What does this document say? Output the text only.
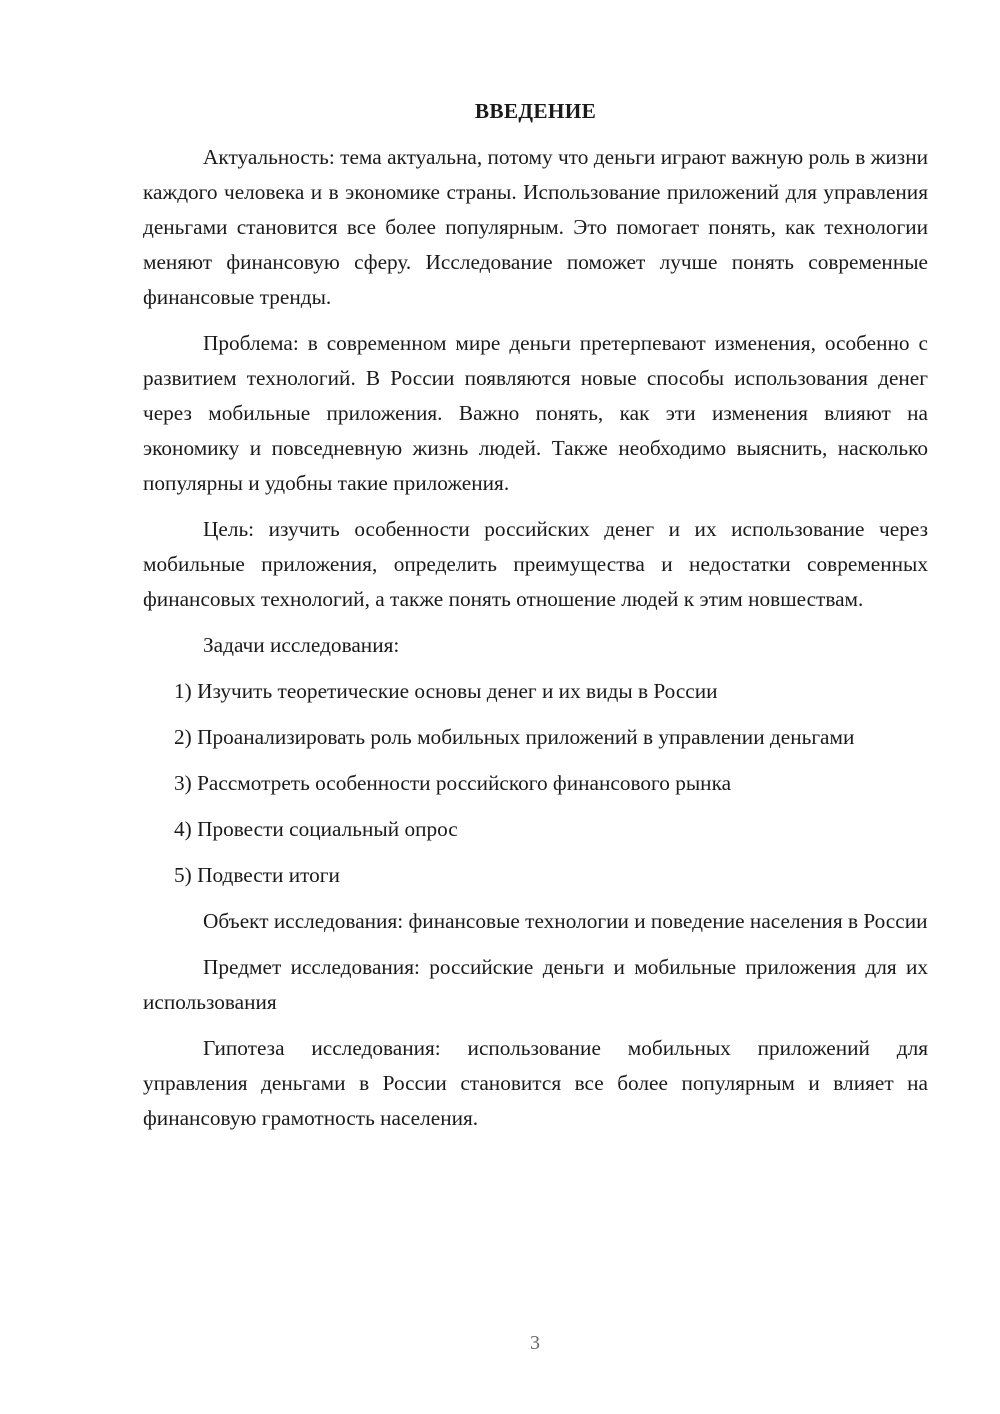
ВВЕДЕНИЕ

Актуальность: тема актуальна, потому что деньги играют важную роль в жизни каждого человека и в экономике страны. Использование приложений для управления деньгами становится все более популярным. Это помогает понять, как технологии меняют финансовую сферу. Исследование поможет лучше понять современные финансовые тренды.

Проблема: в современном мире деньги претерпевают изменения, особенно с развитием технологий. В России появляются новые способы использования денег через мобильные приложения. Важно понять, как эти изменения влияют на экономику и повседневную жизнь людей. Также необходимо выяснить, насколько популярны и удобны такие приложения.

Цель: изучить особенности российских денег и их использование через мобильные приложения, определить преимущества и недостатки современных финансовых технологий, а также понять отношение людей к этим новшествам.

Задачи исследования:

1) Изучить теоретические основы денег и их виды в России

2) Проанализировать роль мобильных приложений в управлении деньгами

3) Рассмотреть особенности российского финансового рынка

4) Провести социальный опрос

5) Подвести итоги

Объект исследования: финансовые технологии и поведение населения в России

Предмет исследования: российские деньги и мобильные приложения для их использования

Гипотеза исследования: использование мобильных приложений для управления деньгами в России становится все более популярным и влияет на финансовую грамотность населения.

3
